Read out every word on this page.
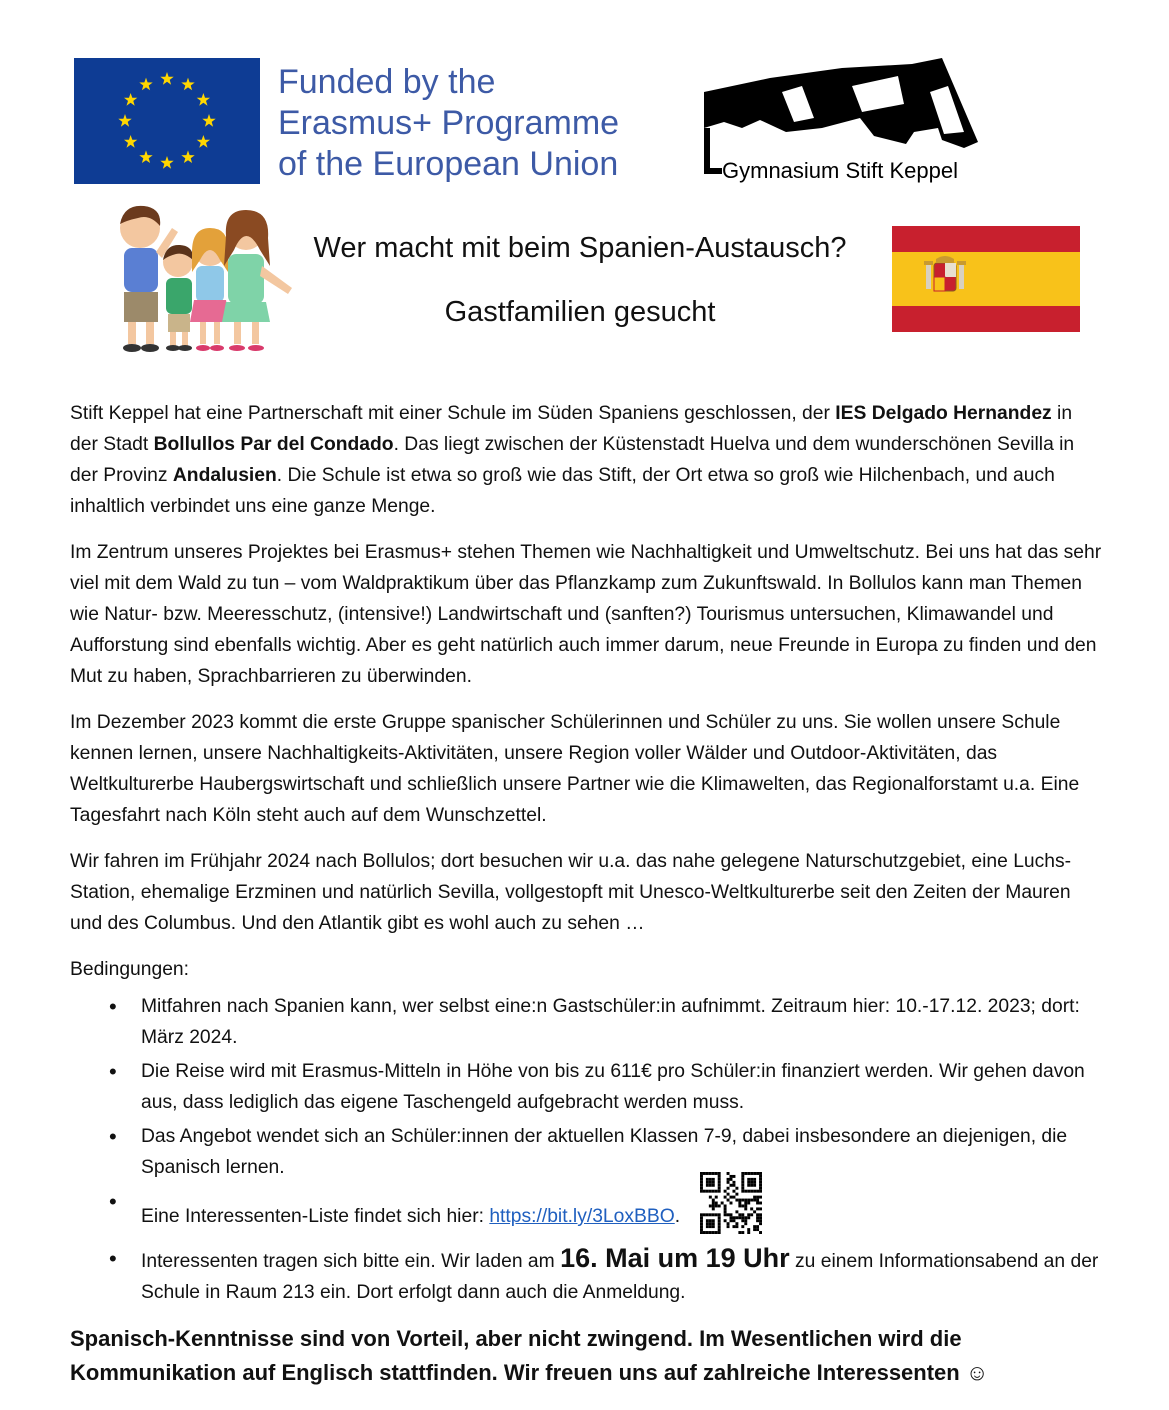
Funded by the
Erasmus+ Programme
of the European Union	Gymnasium Stift Keppel
Wer macht mit beim Spanien-Austausch?
Gastfamilien gesucht

Stift Keppel hat eine Partnerschaft mit einer Schule im Süden Spaniens geschlossen, der IES Delgado Hernandez in der Stadt Bollullos Par del Condado. Das liegt zwischen der Küstenstadt Huelva und dem wunderschönen Sevilla in der Provinz Andalusien. Die Schule ist etwa so groß wie das Stift, der Ort etwa so groß wie Hilchenbach, und auch inhaltlich verbindet uns eine ganze Menge.

Im Zentrum unseres Projektes bei Erasmus+ stehen Themen wie Nachhaltigkeit und Umweltschutz. Bei uns hat das sehr viel mit dem Wald zu tun – vom Waldpraktikum über das Pflanzkamp zum Zukunftswald. In Bollulos kann man Themen wie Natur- bzw. Meeresschutz, (intensive!) Landwirtschaft und (sanften?) Tourismus untersuchen, Klimawandel und Aufforstung sind ebenfalls wichtig. Aber es geht natürlich auch immer darum, neue Freunde in Europa zu finden und den Mut zu haben, Sprachbarrieren zu überwinden.

Im Dezember 2023 kommt die erste Gruppe spanischer Schülerinnen und Schüler zu uns. Sie wollen unsere Schule kennen lernen, unsere Nachhaltigkeits-Aktivitäten, unsere Region voller Wälder und Outdoor-Aktivitäten, das Weltkulturerbe Haubergswirtschaft und schließlich unsere Partner wie die Klimawelten, das Regionalforstamt u.a. Eine Tagesfahrt nach Köln steht auch auf dem Wunschzettel.

Wir fahren im Frühjahr 2024 nach Bollulos; dort besuchen wir u.a. das nahe gelegene Naturschutzgebiet, eine Luchs-Station, ehemalige Erzminen und natürlich Sevilla, vollgestopft mit Unesco-Weltkulturerbe seit den Zeiten der Mauren und des Columbus. Und den Atlantik gibt es wohl auch zu sehen …

Bedingungen:

• Mitfahren nach Spanien kann, wer selbst eine:n Gastschüler:in aufnimmt. Zeitraum hier: 10.-17.12. 2023; dort: März 2024.
• Die Reise wird mit Erasmus-Mitteln in Höhe von bis zu 611€ pro Schüler:in finanziert werden. Wir gehen davon aus, dass lediglich das eigene Taschengeld aufgebracht werden muss.
• Das Angebot wendet sich an Schüler:innen der aktuellen Klassen 7-9, dabei insbesondere an diejenigen, die Spanisch lernen.
• Eine Interessenten-Liste findet sich hier: https://bit.ly/3LoxBBO.
• Interessenten tragen sich bitte ein. Wir laden am 16. Mai um 19 Uhr zu einem Informationsabend an der Schule in Raum 213 ein. Dort erfolgt dann auch die Anmeldung.
Spanisch-Kenntnisse sind von Vorteil, aber nicht zwingend. Im Wesentlichen wird die Kommunikation auf Englisch stattfinden. Wir freuen uns auf zahlreiche Interessenten ☺
